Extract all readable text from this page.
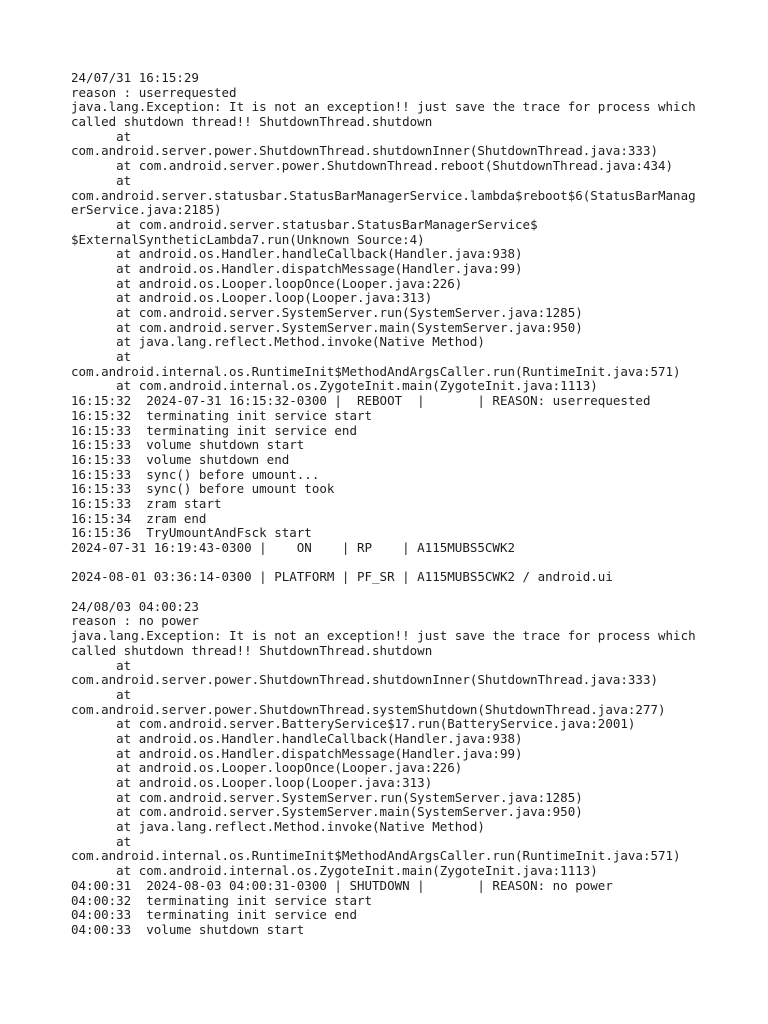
24/07/31 16:15:29
reason : userrequested
java.lang.Exception: It is not an exception!! just save the trace for process which
called shutdown thread!! ShutdownThread.shutdown
at
com.android.server.power.ShutdownThread.shutdownInner(ShutdownThread.java:333)
at com.android.server.power.ShutdownThread.reboot(ShutdownThread.java:434)
at
com.android.server.statusbar.StatusBarManagerService.lambda$reboot$6(StatusBarManag
erService.java:2185)
at com.android.server.statusbar.StatusBarManagerService$
$ExternalSyntheticLambda7.run(Unknown Source:4)
at android.os.Handler.handleCallback(Handler.java:938)
at android.os.Handler.dispatchMessage(Handler.java:99)
at android.os.Looper.loopOnce(Looper.java:226)
at android.os.Looper.loop(Looper.java:313)
at com.android.server.SystemServer.run(SystemServer.java:1285)
at com.android.server.SystemServer.main(SystemServer.java:950)
at java.lang.reflect.Method.invoke(Native Method)
at
com.android.internal.os.RuntimeInit$MethodAndArgsCaller.run(RuntimeInit.java:571)
at com.android.internal.os.ZygoteInit.main(ZygoteInit.java:1113)
16:15:32  2024-07-31 16:15:32-0300 |  REBOOT  |       | REASON: userrequested
16:15:32  terminating init service start
16:15:33  terminating init service end
16:15:33  volume shutdown start
16:15:33  volume shutdown end
16:15:33  sync() before umount...
16:15:33  sync() before umount took
16:15:33  zram start
16:15:34  zram end
16:15:36  TryUmountAndFsck start
2024-07-31 16:19:43-0300 |    ON    | RP    | A115MUBS5CWK2
2024-08-01 03:36:14-0300 | PLATFORM | PF_SR | A115MUBS5CWK2 / android.ui
24/08/03 04:00:23
reason : no power
java.lang.Exception: It is not an exception!! just save the trace for process which
called shutdown thread!! ShutdownThread.shutdown
at
com.android.server.power.ShutdownThread.shutdownInner(ShutdownThread.java:333)
at
com.android.server.power.ShutdownThread.systemShutdown(ShutdownThread.java:277)
at com.android.server.BatteryService$17.run(BatteryService.java:2001)
at android.os.Handler.handleCallback(Handler.java:938)
at android.os.Handler.dispatchMessage(Handler.java:99)
at android.os.Looper.loopOnce(Looper.java:226)
at android.os.Looper.loop(Looper.java:313)
at com.android.server.SystemServer.run(SystemServer.java:1285)
at com.android.server.SystemServer.main(SystemServer.java:950)
at java.lang.reflect.Method.invoke(Native Method)
at
com.android.internal.os.RuntimeInit$MethodAndArgsCaller.run(RuntimeInit.java:571)
at com.android.internal.os.ZygoteInit.main(ZygoteInit.java:1113)
04:00:31  2024-08-03 04:00:31-0300 | SHUTDOWN |       | REASON: no power
04:00:32  terminating init service start
04:00:33  terminating init service end
04:00:33  volume shutdown start
